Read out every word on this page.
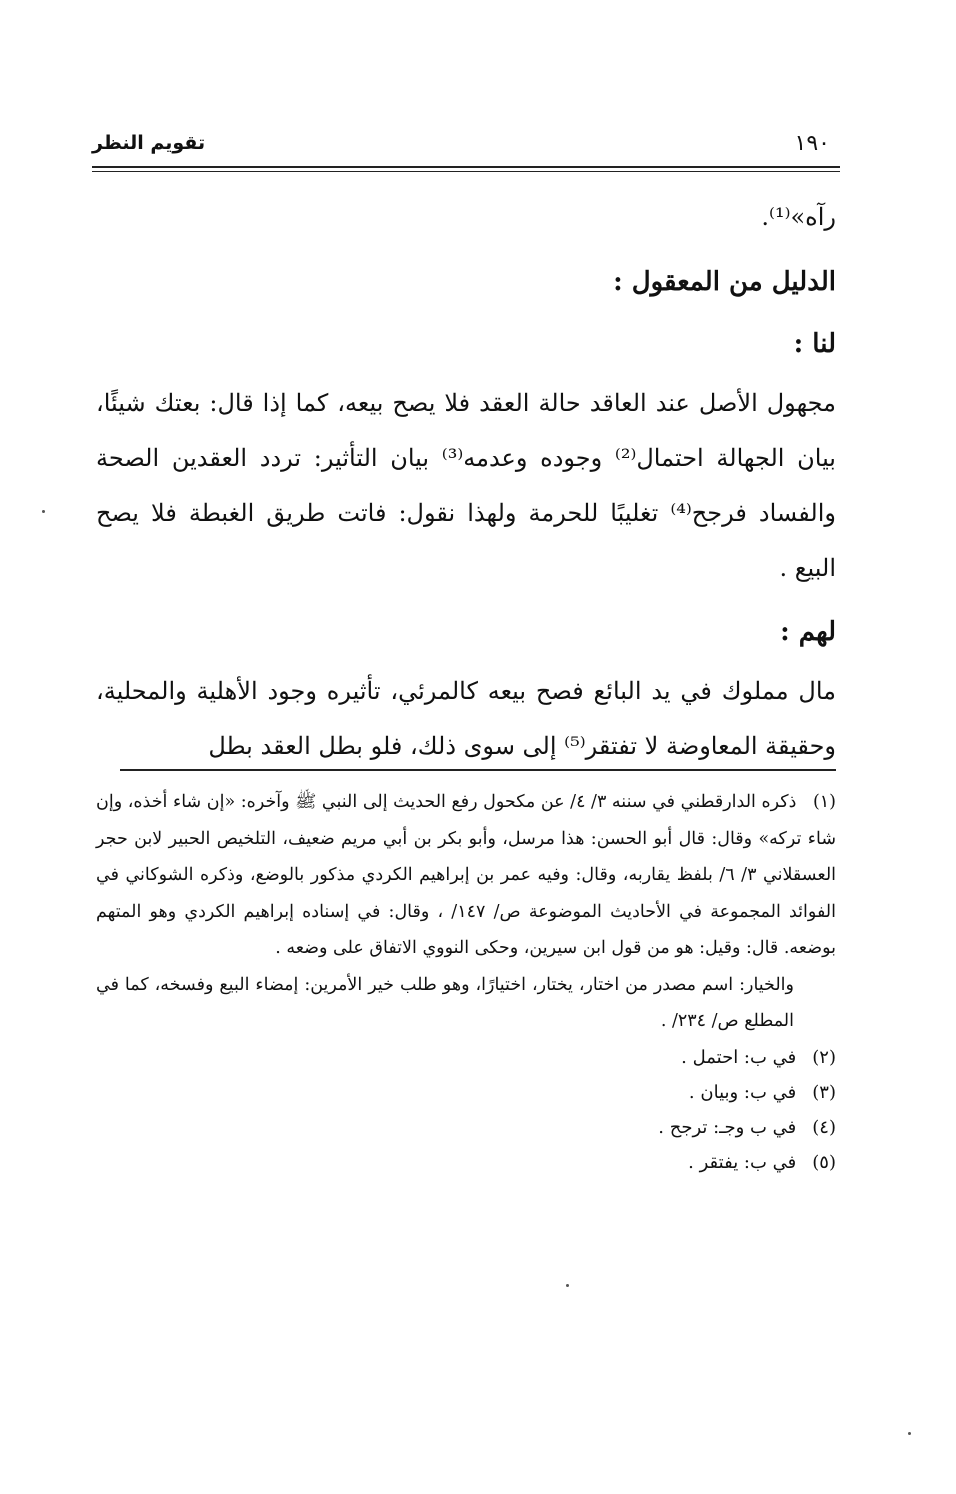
١٩٠
تقويم النظر

رآه»⁽¹⁾.

الدليل من المعقول :

لنا :

مجهول الأصل عند العاقد حالة العقد فلا يصح بيعه، كما إذا قال: بعتك شيئًا، بيان الجهالة احتمال⁽²⁾ وجوده وعدمه⁽³⁾ بيان التأثير: تردد العقدين الصحة والفساد فرجح⁽⁴⁾ تغليبًا للحرمة ولهذا نقول: فاتت طريق الغبطة فلا يصح البيع .

لهم :

مال مملوك في يد البائع فصح بيعه كالمرئي، تأثيره وجود الأهلية والمحلية، وحقيقة المعاوضة لا تفتقر⁽⁵⁾ إلى سوى ذلك، فلو بطل العقد بطل

(١) ذكره الدارقطني في سننه ٣/ ٤/ عن مكحول رفع الحديث إلى النبي ﷺ وآخره: «إن شاء أخذه، وإن شاء تركه» وقال: قال أبو الحسن: هذا مرسل، وأبو بكر بن أبي مريم ضعيف، التلخيص الحبير لابن حجر العسقلاني ٣/ ٦/ بلفظ يقاربه، وقال: وفيه عمر بن إبراهيم الكردي مذكور بالوضع، وذكره الشوكاني في الفوائد المجموعة في الأحاديث الموضوعة ص/ ١٤٧/ ، وقال: في إسناده إبراهيم الكردي وهو المتهم بوضعه. قال: وقيل: هو من قول ابن سيرين، وحكى النووي الاتفاق على وضعه .

والخيار: اسم مصدر من اختار، يختار، اختيارًا، وهو طلب خير الأمرين: إمضاء البيع وفسخه، كما في المطلع ص/ ٢٣٤/ .

(٢) في ب: احتمل .

(٣) في ب: وبيان .

(٤) في ب وجـ: ترجح .

(٥) في ب: يفتقر .
